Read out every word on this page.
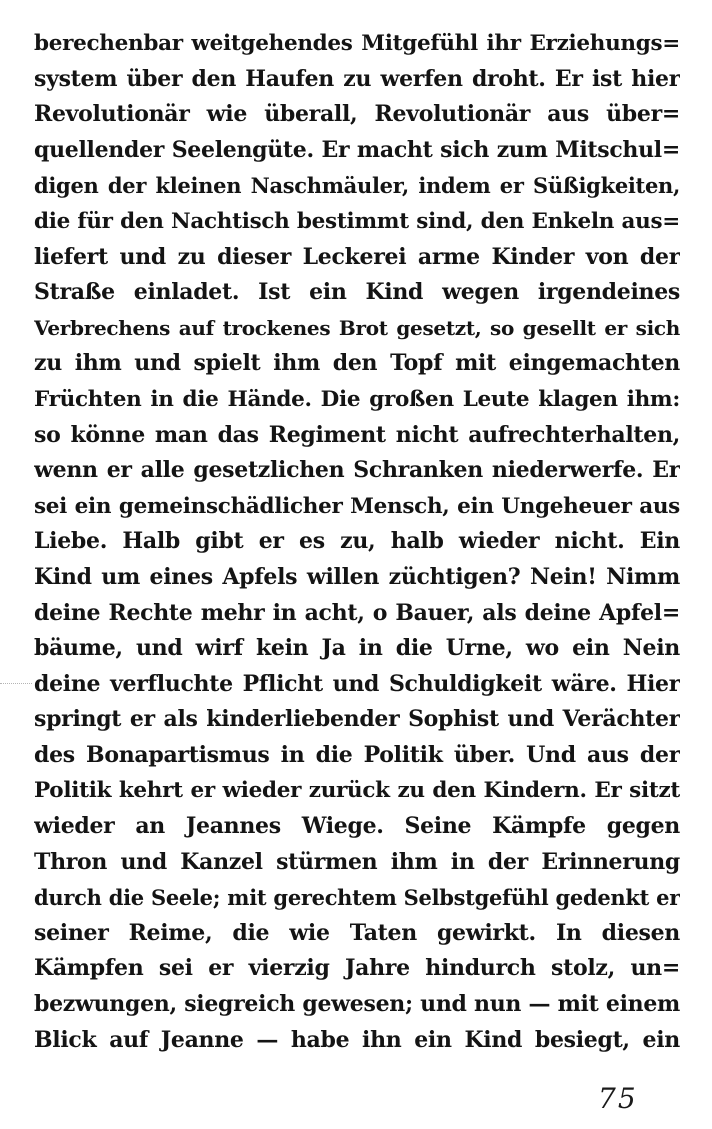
berechenbar weitgehendes Mitgefühl ihr Erziehungs=
system über den Haufen zu werfen droht. Er ist hier
Revolutionär wie überall, Revolutionär aus über=
quellender Seelengüte. Er macht sich zum Mitschul=
digen der kleinen Naschmäuler, indem er Süßigkeiten,
die für den Nachtisch bestimmt sind, den Enkeln aus=
liefert und zu dieser Leckerei arme Kinder von der
Straße einladet. Ist ein Kind wegen irgendeines
Verbrechens auf trockenes Brot gesetzt, so gesellt er sich
zu ihm und spielt ihm den Topf mit eingemachten
Früchten in die Hände. Die großen Leute klagen ihm:
so könne man das Regiment nicht aufrechterhalten,
wenn er alle gesetzlichen Schranken niederwerfe. Er
sei ein gemeinschädlicher Mensch, ein Ungeheuer aus
Liebe. Halb gibt er es zu, halb wieder nicht. Ein
Kind um eines Apfels willen züchtigen? Nein! Nimm
deine Rechte mehr in acht, o Bauer, als deine Apfel=
bäume, und wirf kein Ja in die Urne, wo ein Nein
deine verfluchte Pflicht und Schuldigkeit wäre. Hier
springt er als kinderliebender Sophist und Verächter
des Bonapartismus in die Politik über. Und aus der
Politik kehrt er wieder zurück zu den Kindern. Er sitzt
wieder an Jeannes Wiege. Seine Kämpfe gegen
Thron und Kanzel stürmen ihm in der Erinnerung
durch die Seele; mit gerechtem Selbstgefühl gedenkt er
seiner Reime, die wie Taten gewirkt. In diesen
Kämpfen sei er vierzig Jahre hindurch stolz, un=
bezwungen, siegreich gewesen; und nun — mit einem
Blick auf Jeanne — habe ihn ein Kind besiegt, ein
75
